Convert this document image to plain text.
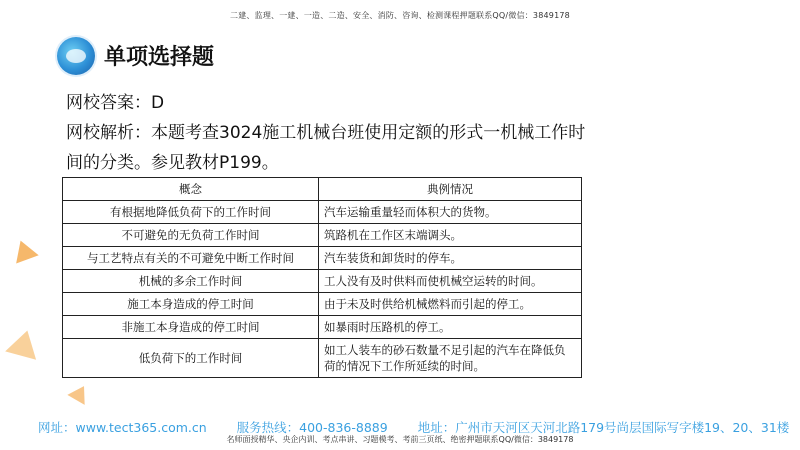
二建、监理、一建、一造、二造、安全、消防、咨询、检测课程押题联系QQ/微信：3849178
单项选择题
网校答案：D
网校解析：本题考查3024施工机械台班使用定额的形式一机械工作时间的分类。参见教材P199。
概念	典例情况
有根据地降低负荷下的工作时间	汽车运输重量轻而体积大的货物。
不可避免的无负荷工作时间	筑路机在工作区末端调头。
与工艺特点有关的不可避免中断工作时间	汽车装货和卸货时的停车。
机械的多余工作时间	工人没有及时供料而使机械空运转的时间。
施工本身造成的停工时间	由于未及时供给机械燃料而引起的停工。
非施工本身造成的停工时间	如暴雨时压路机的停工。
低负荷下的工作时间	如工人装车的砂石数量不足引起的汽车在降低负荷的情况下工作所延续的时间。
网址：www.tect365.com.cn 服务热线：400-836-8889 地址：广州市天河区天河北路179号尚层国际写字楼19、20、31楼
名师面授精华、央企内训、考点串讲、习题模考、考前三页纸、绝密押题联系QQ/微信：3849178
